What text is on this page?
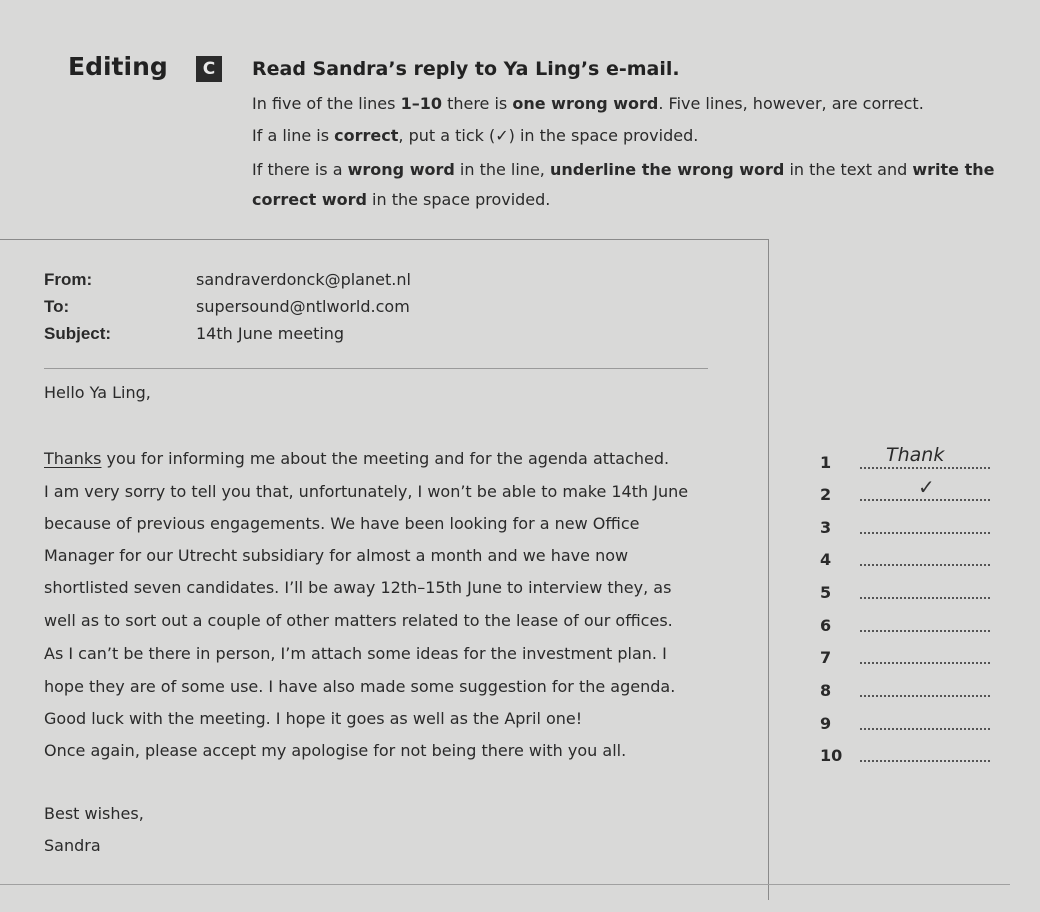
Editing	C	Read Sandra’s reply to Ya Ling’s e-mail.
In five of the lines 1–10 there is one wrong word. Five lines, however, are correct.
If a line is correct, put a tick (✓) in the space provided.
If there is a wrong word in the line, underline the wrong word in the text and write the
correct word in the space provided.
From:	sandraverdonck@planet.nl
To:	supersound@ntlworld.com
Subject:	14th June meeting
Hello Ya Ling,
Thanks you for informing me about the meeting and for the agenda attached.
I am very sorry to tell you that, unfortunately, I won’t be able to make 14th June
because of previous engagements. We have been looking for a new Office
Manager for our Utrecht subsidiary for almost a month and we have now
shortlisted seven candidates. I’ll be away 12th–15th June to interview they, as
well as to sort out a couple of other matters related to the lease of our offices.
As I can’t be there in person, I’m attach some ideas for the investment plan. I
hope they are of some use. I have also made some suggestion for the agenda.
Good luck with the meeting. I hope it goes as well as the April one!
Once again, please accept my apologise for not being there with you all.
Best wishes,
Sandra
1	Thank
2	✓
3
4
5
6
7
8
9
10
